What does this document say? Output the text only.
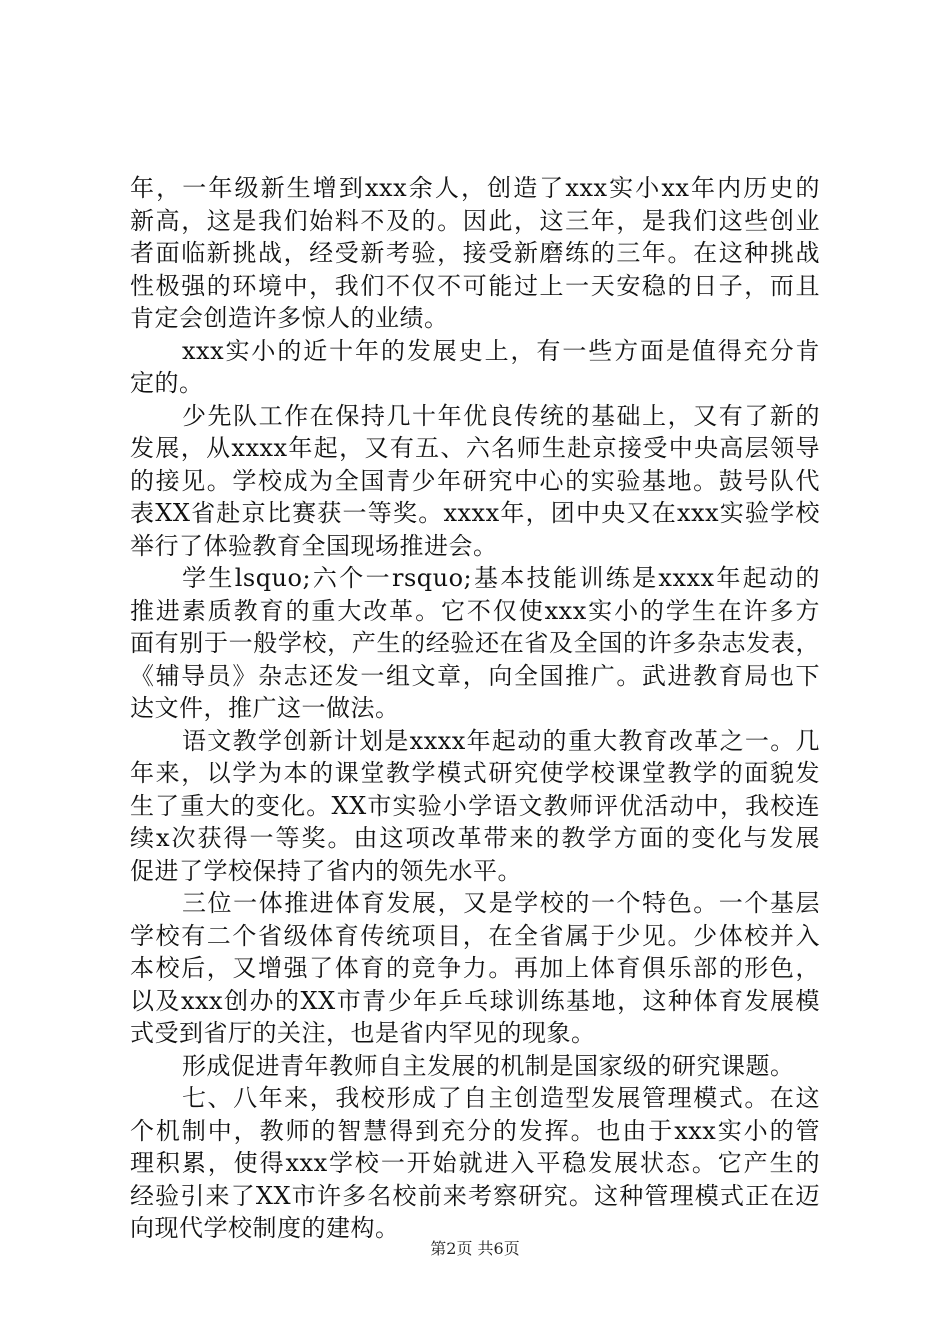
年，一年级新生增到xxx余人，创造了xxx实小xx年内历史的
新高，这是我们始料不及的。因此，这三年，是我们这些创业
者面临新挑战，经受新考验，接受新磨练的三年。在这种挑战
性极强的环境中，我们不仅不可能过上一天安稳的日子，而且
肯定会创造许多惊人的业绩。
xxx实小的近十年的发展史上，有一些方面是值得充分肯
定的。
少先队工作在保持几十年优良传统的基础上，又有了新的
发展，从xxxx年起，又有五、六名师生赴京接受中央高层领导
的接见。学校成为全国青少年研究中心的实验基地。鼓号队代
表XX省赴京比赛获一等奖。xxxx年，团中央又在xxx实验学校
举行了体验教育全国现场推进会。
学生lsquo;六个一rsquo;基本技能训练是xxxx年起动的
推进素质教育的重大改革。它不仅使xxx实小的学生在许多方
面有别于一般学校，产生的经验还在省及全国的许多杂志发表，
《辅导员》杂志还发一组文章，向全国推广。武进教育局也下
达文件，推广这一做法。
语文教学创新计划是xxxx年起动的重大教育改革之一。几
年来，以学为本的课堂教学模式研究使学校课堂教学的面貌发
生了重大的变化。XX市实验小学语文教师评优活动中，我校连
续x次获得一等奖。由这项改革带来的教学方面的变化与发展
促进了学校保持了省内的领先水平。
三位一体推进体育发展，又是学校的一个特色。一个基层
学校有二个省级体育传统项目，在全省属于少见。少体校并入
本校后，又增强了体育的竞争力。再加上体育俱乐部的形色，
以及xxx创办的XX市青少年乒乓球训练基地，这种体育发展模
式受到省厅的关注，也是省内罕见的现象。
形成促进青年教师自主发展的机制是国家级的研究课题。
七、八年来，我校形成了自主创造型发展管理模式。在这
个机制中，教师的智慧得到充分的发挥。也由于xxx实小的管
理积累，使得xxx学校一开始就进入平稳发展状态。它产生的
经验引来了XX市许多名校前来考察研究。这种管理模式正在迈
向现代学校制度的建构。
第2页 共6页
